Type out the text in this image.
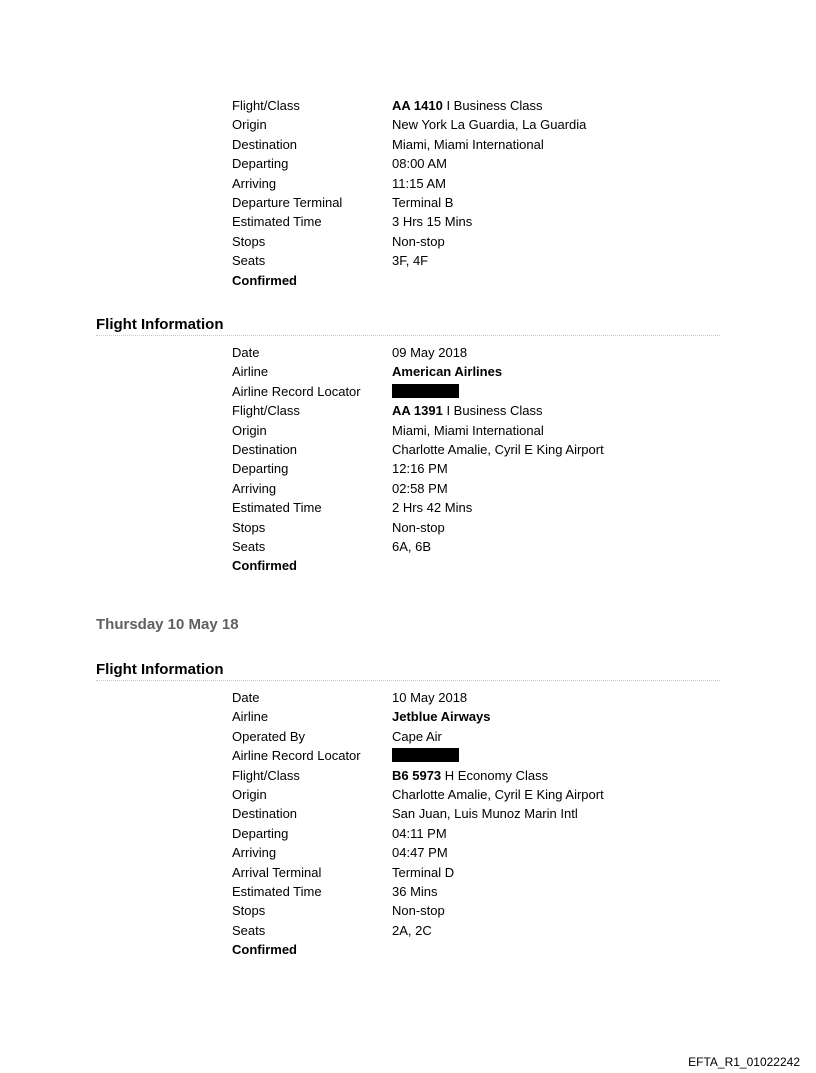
Flight/Class	AA 1410 I Business Class
Origin	New York La Guardia, La Guardia
Destination	Miami, Miami International
Departing	08:00 AM
Arriving	11:15 AM
Departure Terminal	Terminal B
Estimated Time	3 Hrs 15 Mins
Stops	Non-stop
Seats	3F, 4F
Confirmed
Flight Information
Date	09 May 2018
Airline	American Airlines
Airline Record Locator
Flight/Class	AA 1391 I Business Class
Origin	Miami, Miami International
Destination	Charlotte Amalie, Cyril E King Airport
Departing	12:16 PM
Arriving	02:58 PM
Estimated Time	2 Hrs 42 Mins
Stops	Non-stop
Seats	6A, 6B
Confirmed
Thursday 10 May 18
Flight Information
Date	10 May 2018
Airline	Jetblue Airways
Operated By	Cape Air
Airline Record Locator
Flight/Class	B6 5973 H Economy Class
Origin	Charlotte Amalie, Cyril E King Airport
Destination	San Juan, Luis Munoz Marin Intl
Departing	04:11 PM
Arriving	04:47 PM
Arrival Terminal	Terminal D
Estimated Time	36 Mins
Stops	Non-stop
Seats	2A, 2C
Confirmed
EFTA_R1_01022242
